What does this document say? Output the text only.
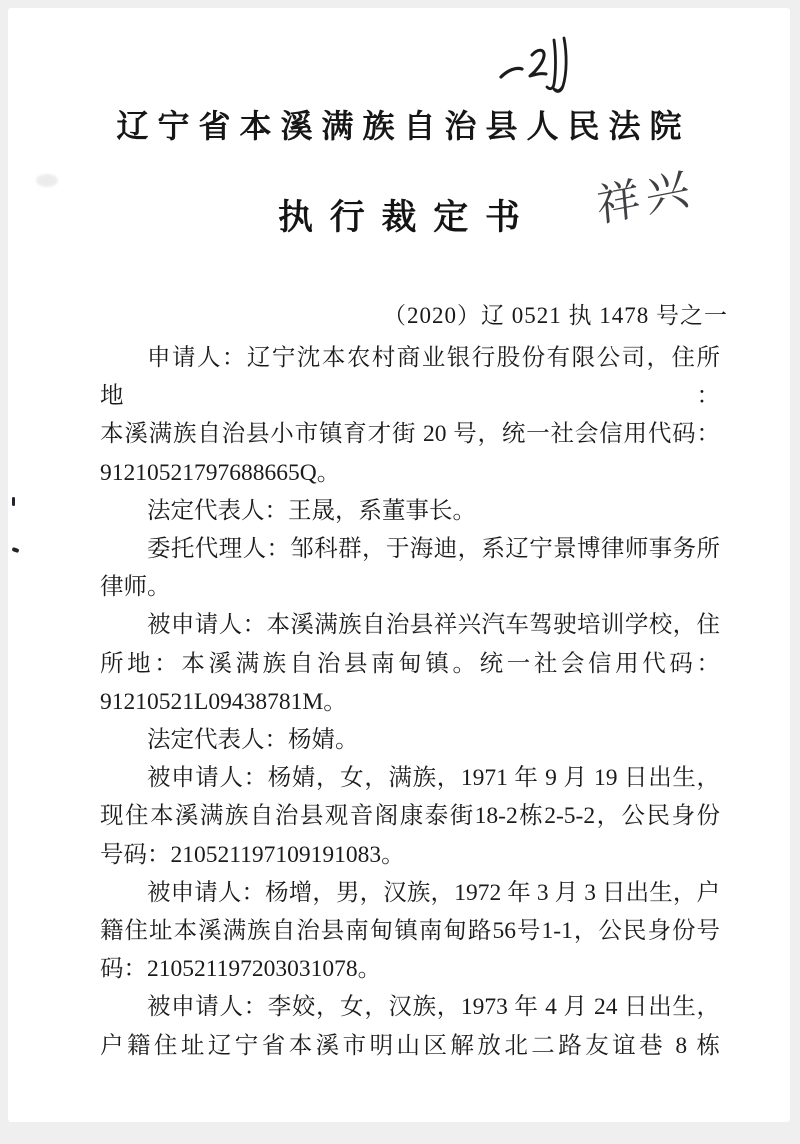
辽宁省本溪满族自治县人民法院
执 行 裁 定 书	祥兴
（2020）辽 0521 执 1478 号之一
申请人：辽宁沈本农村商业银行股份有限公司，住所地：
本溪满族自治县小市镇育才街 20 号，统一社会信用代码：
91210521797688665Q。
法定代表人：王晟，系董事长。
委托代理人：邹科群，于海迪，系辽宁景博律师事务所
律师。
被申请人：本溪满族自治县祥兴汽车驾驶培训学校，住
所地：本溪满族自治县南甸镇。统一社会信用代码：
91210521L09438781M。
法定代表人：杨婧。
被申请人：杨婧，女，满族，1971 年 9 月 19 日出生，
现住本溪满族自治县观音阁康泰街18-2栋2-5-2，公民身份
号码：210521197109191083。
被申请人：杨增，男，汉族，1972 年 3 月 3 日出生，户
籍住址本溪满族自治县南甸镇南甸路56号1-1，公民身份号
码：210521197203031078。
被申请人：李姣，女，汉族，1973 年 4 月 24 日出生，
户籍住址辽宁省本溪市明山区解放北二路友谊巷 8 栋
